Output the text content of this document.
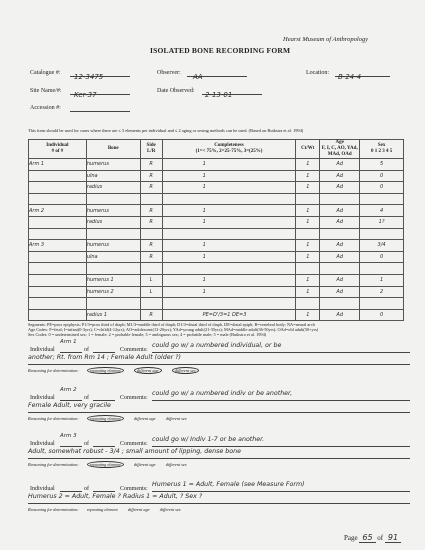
Hearst Museum of Anthropology
ISOLATED BONE RECORDING FORM
Catalogue #:	12-3475	Observer:	AA	Location:	B-24-4
Site Name/#:	Ker-37	Date Observed:	2-13-01
Accession #:
This form should be used for cases where there are ≤ 5 elements per individual and ≤ 2 aging or sexing methods can be used. (Based on Buikstra et al. 1994)
Individual
# of #	Bone	Side
L/R	Completeness
(1=< 75%, 2=25-75%, 3=(25%)	Ct/Wt	Age
F, I, C, AO, YAd, MAd, OAd	Sex
0 1 2 3 4 5
Arm 1	humerus	R	1	1	Ad	5
	ulna	R	1	1	Ad	0
	radius	R	1	1	Ad	0

Arm 2	humerus	R	1	1	Ad	4
	radius	R	1	1	Ad	1?

Arm 3	humerus	R	1	1	Ad	3/4
	ulna	R	1	1	Ad	0

	humerus 1	L	1	1	Ad	1
	humerus 2	L	1	1	Ad	2

	radius 1	R	PE=D'/3=1 DE=3	1	Ad	0
Segments: PE=prox epiphysis; P1/3=prox third of diaph; M1/3=middle third of diaph; D1/3=distal third of diaph, DE=distal epiph; B=vertebral body; NA=neural arch
Age Codes: F=fetal; I=infant(0-3yrs); C=child(4-12yrs); AO=adolescent(13-20yrs); YAd=young adult(21-35yrs); MAd=middle adult(36-50yrs); OAd=old adult(50+yrs)
Sex Codes: 0 = undetermined sex; 1 = female; 2 = probable female; 3 = ambiguous sex; 4 = probable male; 5 = male (Buikstra et al. 1994)
Arm 1
Individual	of	Comments:
could go w/ a numbered individual, or be
another; Rt. from Rm 14 ; Female Adult (older ?)
Reasoning for determination:	repeating element	different age	different sex
Arm 2
Individual	of	Comments:
could go w/ a numbered indiv or be another,
Female Adult, very gracile
Reasoning for determination:	repeating element	different age different sex
Arm 3
Individual	of	Comments:
could go w/ Indiv 1-7 or be another.
Adult, somewhat robust - 3/4 ; small amount of lipping, dense bone
Reasoning for determination:	repeating element	different age different sex
Individual	of	Comments:
Humerus 1 = Adult, Female (see Measure Form)
Humerus 2 = Adult, Female ? Radius 1 = Adult, ? Sex ?
Reasoning for determination: repeating element different age different sex
Page 65 of 91
